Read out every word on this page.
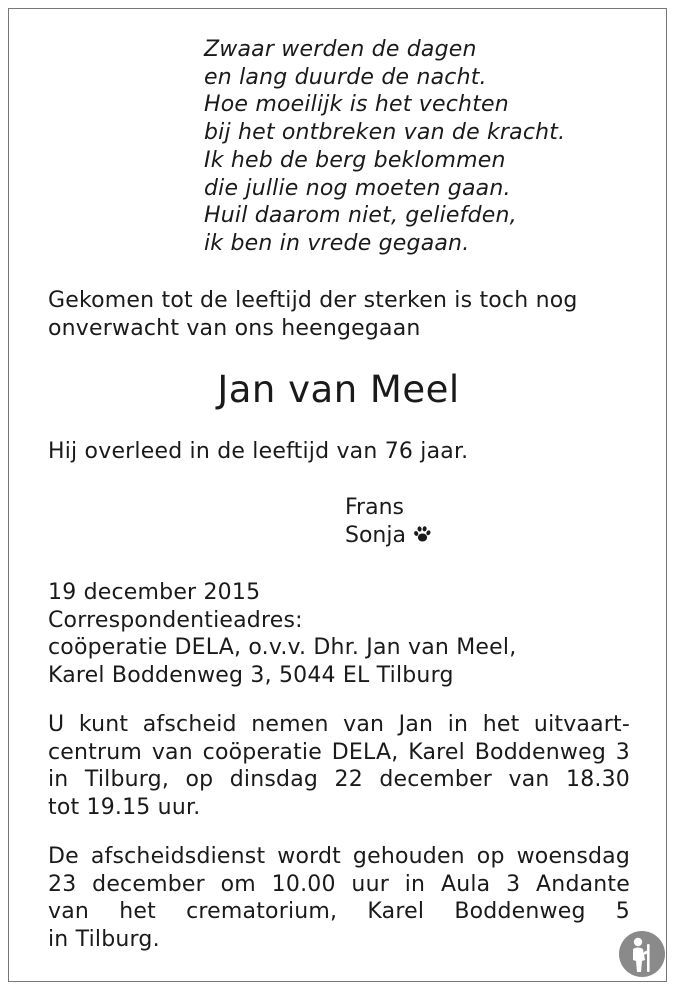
Zwaar werden de dagen
en lang duurde de nacht.
Hoe moeilijk is het vechten
bij het ontbreken van de kracht.
Ik heb de berg beklommen
die jullie nog moeten gaan.
Huil daarom niet, geliefden,
ik ben in vrede gegaan.
Gekomen tot de leeftijd der sterken is toch nog
onverwacht van ons heengegaan
Jan van Meel
Hij overleed in de leeftijd van 76 jaar.
Frans
Sonja
19 december 2015
Correspondentieadres:
coöperatie DELA, o.v.v. Dhr. Jan van Meel,
Karel Boddenweg 3, 5044 EL Tilburg
U kunt afscheid nemen van Jan in het uitvaart-
centrum van coöperatie DELA, Karel Boddenweg 3
in Tilburg, op dinsdag 22 december van 18.30
tot 19.15 uur.
De afscheidsdienst wordt gehouden op woensdag
23 december om 10.00 uur in Aula 3 Andante
van het crematorium, Karel Boddenweg 5
in Tilburg.
